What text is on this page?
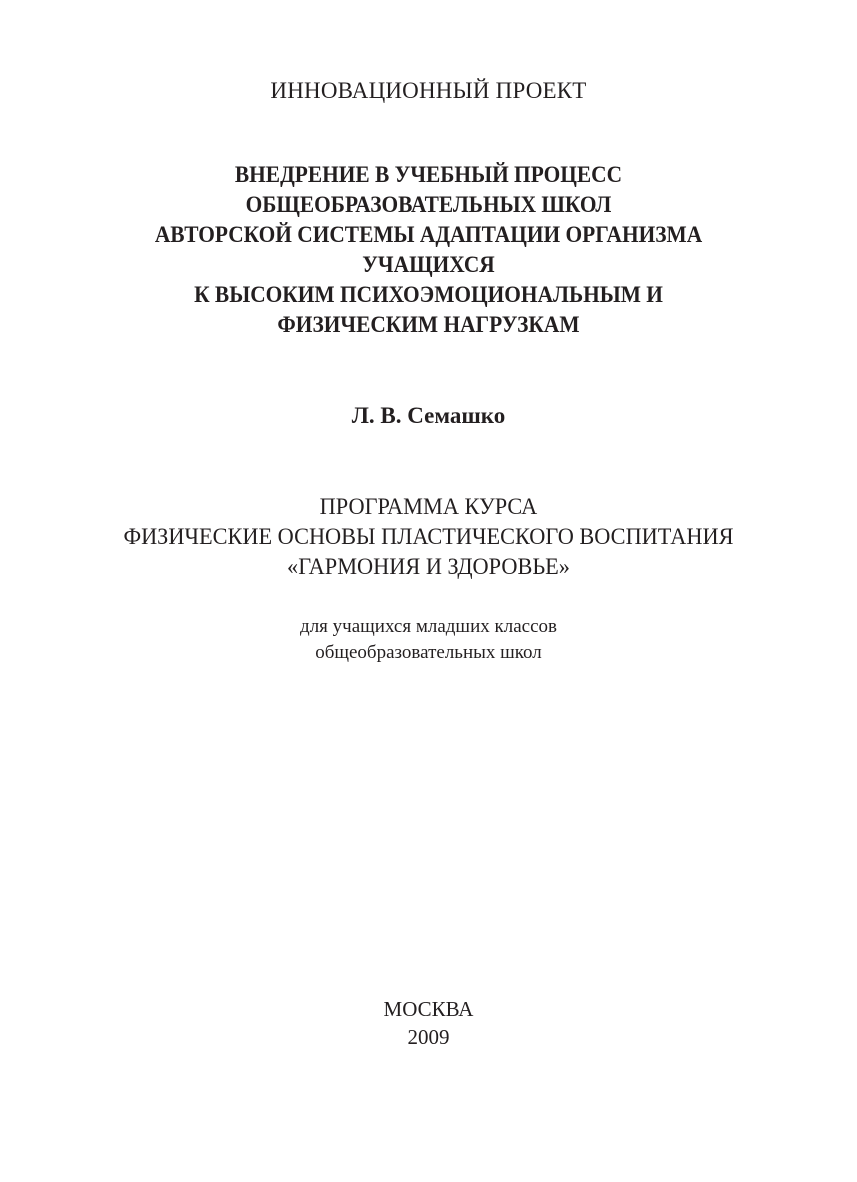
ИННОВАЦИОННЫЙ ПРОЕКТ

ВНЕДРЕНИЕ В УЧЕБНЫЙ ПРОЦЕСС
ОБЩЕОБРАЗОВАТЕЛЬНЫХ ШКОЛ
АВТОРСКОЙ СИСТЕМЫ АДАПТАЦИИ ОРГАНИЗМА
УЧАЩИХСЯ
К ВЫСОКИМ ПСИХОЭМОЦИОНАЛЬНЫМ И
ФИЗИЧЕСКИМ НАГРУЗКАМ

Л. В. Семашко

ПРОГРАММА КУРСА
ФИЗИЧЕСКИЕ ОСНОВЫ ПЛАСТИЧЕСКОГО ВОСПИТАНИЯ
«ГАРМОНИЯ И ЗДОРОВЬЕ»
для учащихся младших классов
общеобразовательных школ

МОСКВА

2009
